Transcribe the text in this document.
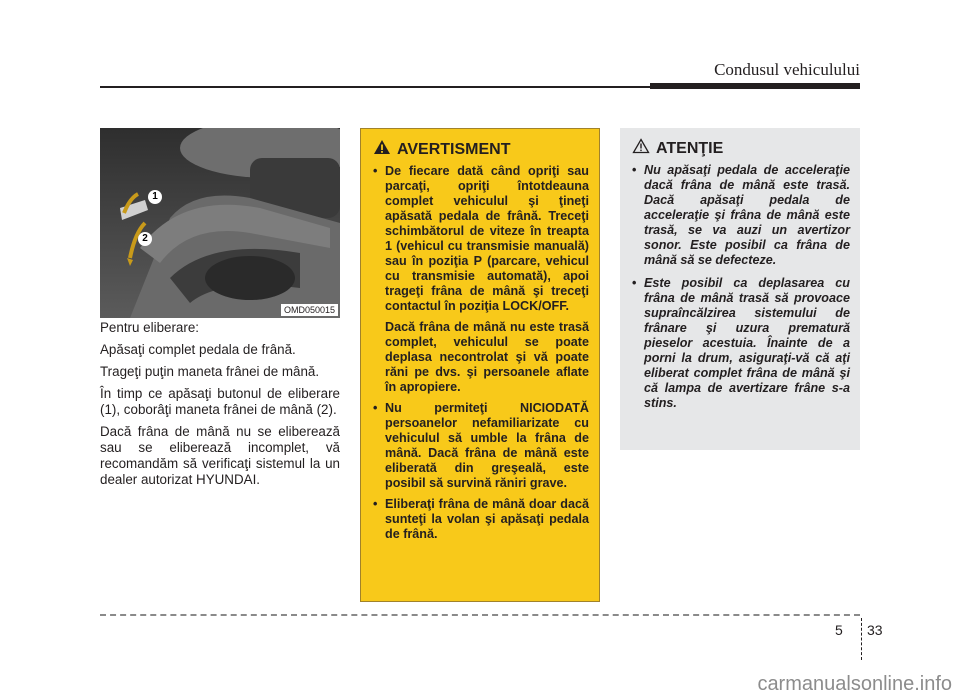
Condusul vehiculului
1
2
OMD050015

Pentru eliberare:

Apăsaţi complet pedala de frână.

Trageţi puţin maneta frânei de mână.

În timp ce apăsaţi butonul de eliberare (1), coborâţi maneta frânei de mână (2).

Dacă frâna de mână nu se eliberează sau se eliberează incomplet, vă recomandăm să verificaţi sistemul la un dealer autorizat HYUNDAI.

AVERTISMENT
• De fiecare dată când opriţi sau parcaţi, opriţi întotdeauna complet vehiculul şi ţineţi apăsată pedala de frână. Treceţi schimbătorul de viteze în treapta 1 (vehicul cu transmisie manuală) sau în poziţia P (parcare, vehicul cu transmisie automată), apoi trageţi frâna de mână şi treceţi contactul în poziţia LOCK/OFF.

Dacă frâna de mână nu este trasă complet, vehiculul se poate deplasa necontrolat şi vă poate răni pe dvs. şi persoanele aflate în apropiere.

• Nu permiteţi NICIODATĂ persoanelor nefamiliarizate cu vehiculul să umble la frâna de mână. Dacă frâna de mână este eliberată din greşeală, este posibil să survină răniri grave.

• Eliberaţi frâna de mână doar dacă sunteţi la volan şi apăsaţi pedala de frână.

ATENŢIE
• Nu apăsaţi pedala de acceleraţie dacă frâna de mână este trasă. Dacă apăsaţi pedala de acceleraţie şi frâna de mână este trasă, se va auzi un avertizor sonor. Este posibil ca frâna de mână să se defecteze.
• Este posibil ca deplasarea cu frâna de mână trasă să provoace supraîncălzirea sistemului de frânare şi uzura prematură pieselor acestuia. Înainte de a porni la drum, asiguraţi-vă că aţi eliberat complet frâna de mână şi că lampa de avertizare frâne s-a stins.
5 33
carmanualsonline.info
